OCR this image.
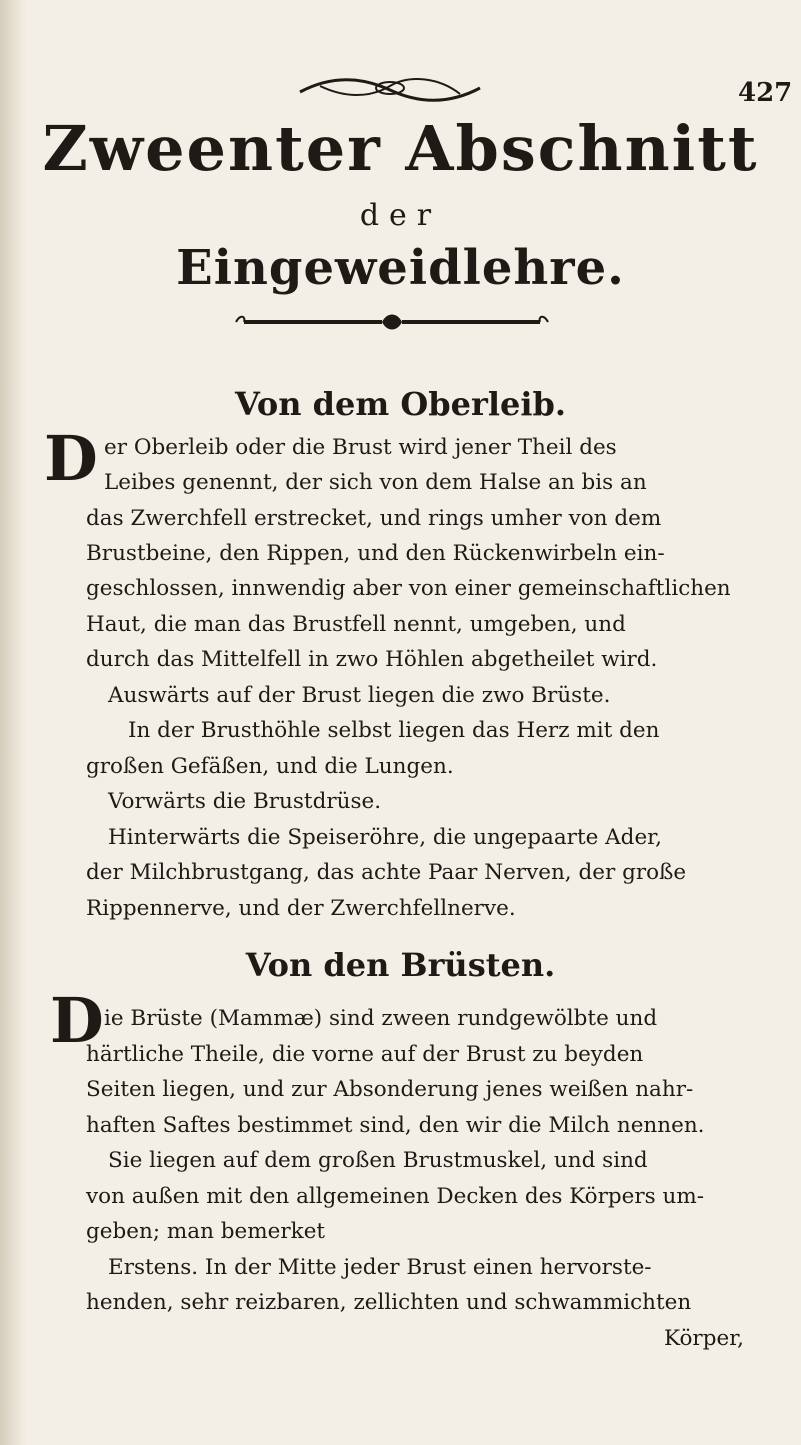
427
Zweenter Abschnitt
der
Eingeweidlehre.
Von dem Oberleib.
D er Oberleib oder die Brust wird jener Theil des
Leibes genennt, der sich von dem Halse an bis an
das Zwerchfell erstrecket, und rings umher von dem
Brustbeine, den Rippen, und den Rückenwirbeln ein-
geschlossen, innwendig aber von einer gemeinschaftlichen
Haut, die man das Brustfell nennt, umgeben, und
durch das Mittelfell in zwo Höhlen abgetheilet wird.
Auswärts auf der Brust liegen die zwo Brüste.
In der Brusthöhle selbst liegen das Herz mit den
großen Gefäßen, und die Lungen.
Vorwärts die Brustdrüse.
Hinterwärts die Speiseröhre, die ungepaarte Ader,
der Milchbrustgang, das achte Paar Nerven, der große
Rippennerve, und der Zwerchfellnerve.
Von den Brüsten.
D ie Brüste (Mammæ) sind zween rundgewölbte und
härtliche Theile, die vorne auf der Brust zu beyden
Seiten liegen, und zur Absonderung jenes weißen nahr-
haften Saftes bestimmet sind, den wir die Milch nennen.
Sie liegen auf dem großen Brustmuskel, und sind
von außen mit den allgemeinen Decken des Körpers um-
geben; man bemerket
Erstens. In der Mitte jeder Brust einen hervorste-
henden, sehr reizbaren, zellichten und schwammichten
Körper,
